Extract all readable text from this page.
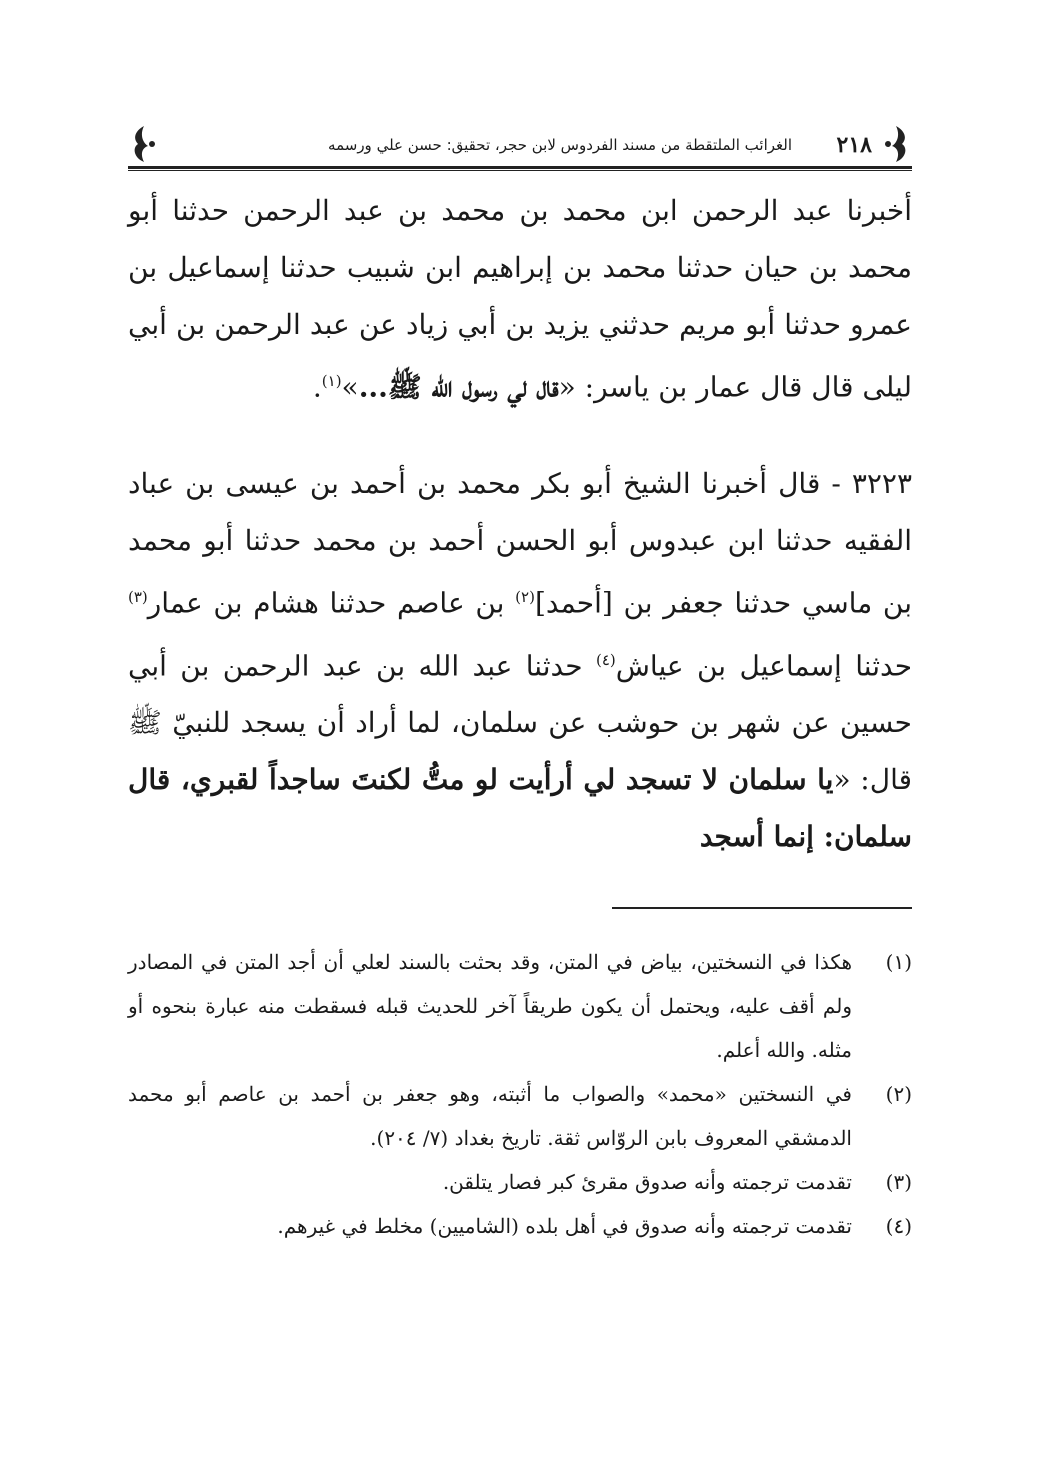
٢١٨
الغرائب الملتقطة من مسند الفردوس لابن حجر، تحقيق: حسن علي ورسمه

أخبرنا عبد الرحمن ابن محمد بن محمد بن عبد الرحمن حدثنا أبو محمد بن حيان حدثنا محمد بن إبراهيم ابن شبيب حدثنا إسماعيل بن عمرو حدثنا أبو مريم حدثني يزيد بن أبي زياد عن عبد الرحمن بن أبي ليلى قال قال عمار بن ياسر: «قال لي رسول الله ﷺ...»$^{(١)}$.

٣٢٢٣ - قال أخبرنا الشيخ أبو بكر محمد بن أحمد بن عيسى بن عباد الفقيه حدثنا ابن عبدوس أبو الحسن أحمد بن محمد حدثنا أبو محمد بن ماسي حدثنا جعفر بن [أحمد]$^{(٢)}$ بن عاصم حدثنا هشام بن عمار$^{(٣)}$ حدثنا إسماعيل بن عياش$^{(٤)}$ حدثنا عبد الله بن عبد الرحمن بن أبي حسين عن شهر بن حوشب عن سلمان، لما أراد أن يسجد للنبيّ ﷺ قال: «يا سلمان لا تسجد لي أرأيت لو متُّ لكنتَ ساجداً لقبري، قال سلمان: إنما أسجد

(١)
هكذا في النسختين، بياض في المتن، وقد بحثت بالسند لعلي أن أجد المتن في المصادر ولم أقف عليه، ويحتمل أن يكون طريقاً آخر للحديث قبله فسقطت منه عبارة بنحوه أو مثله. والله أعلم.
(٢)
في النسختين «محمد» والصواب ما أثبته، وهو جعفر بن أحمد بن عاصم أبو محمد الدمشقي المعروف بابن الروّاس ثقة. تاريخ بغداد (٧/ ٢٠٤).
(٣)
تقدمت ترجمته وأنه صدوق مقرئ كبر فصار يتلقن.
(٤)
تقدمت ترجمته وأنه صدوق في أهل بلده (الشاميين) مخلط في غيرهم.
